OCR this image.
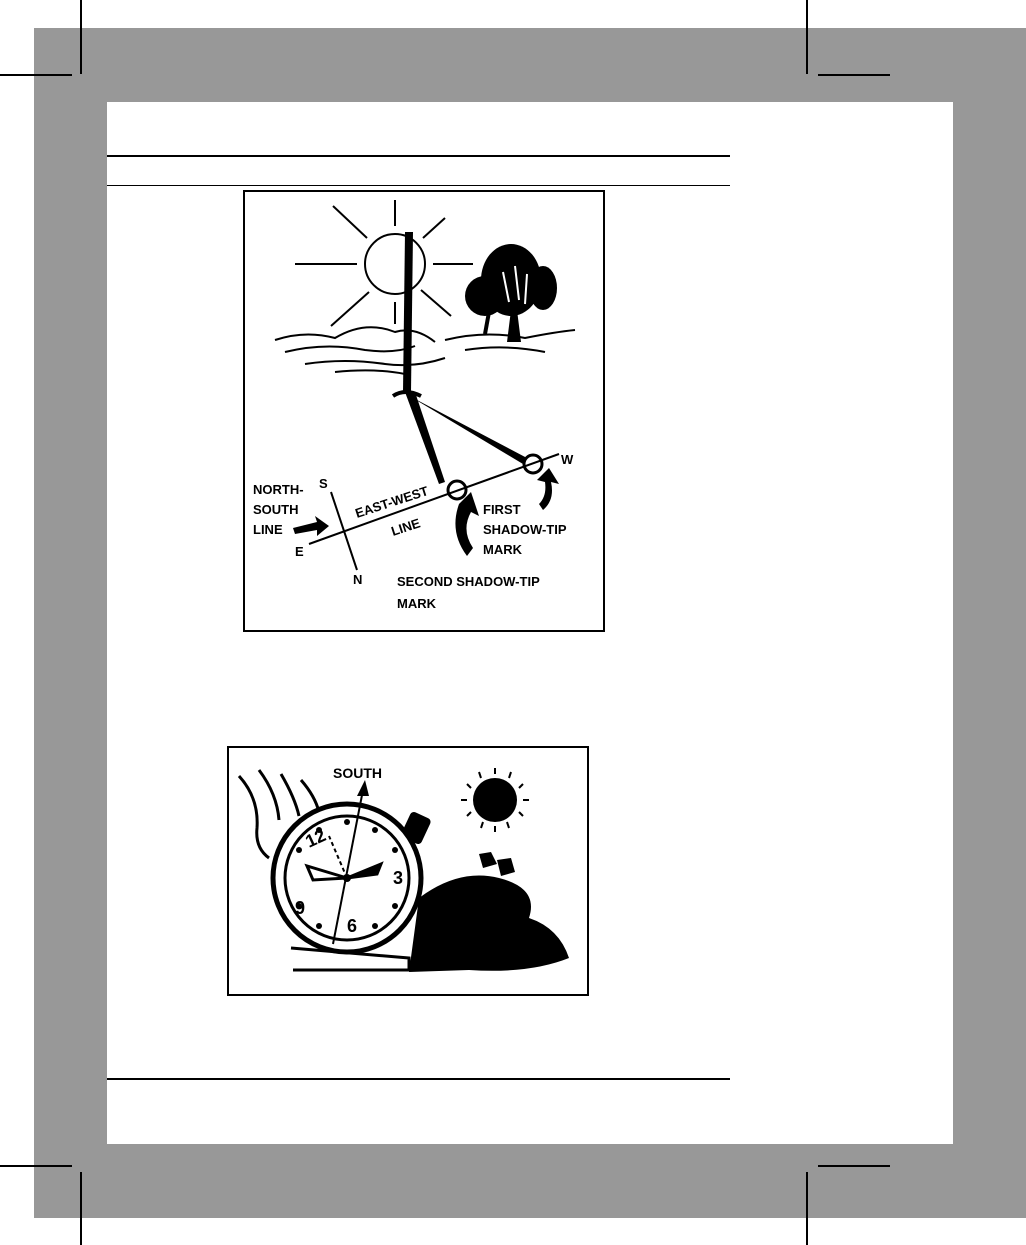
NORTH-
SOUTH
LINE
S
N
E
W
EAST-WEST
LINE
FIRST
SHADOW-TIP
MARK
SECOND SHADOW-TIP
MARK
12
3
6
9
SOUTH
